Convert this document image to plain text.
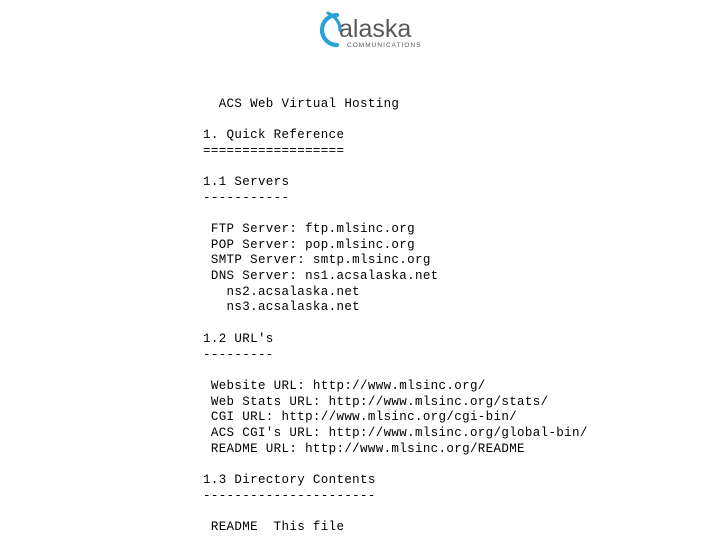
alaska
COMMUNICATIONS
ACS Web Virtual Hosting

1. Quick Reference
==================

1.1 Servers
-----------

FTP Server: ftp.mlsinc.org
POP Server: pop.mlsinc.org
SMTP Server: smtp.mlsinc.org
DNS Server: ns1.acsalaska.net
ns2.acsalaska.net
ns3.acsalaska.net

1.2 URL's
---------

Website URL: http://www.mlsinc.org/
Web Stats URL: http://www.mlsinc.org/stats/
CGI URL: http://www.mlsinc.org/cgi-bin/
ACS CGI's URL: http://www.mlsinc.org/global-bin/
README URL: http://www.mlsinc.org/README

1.3 Directory Contents
----------------------

README  This file
